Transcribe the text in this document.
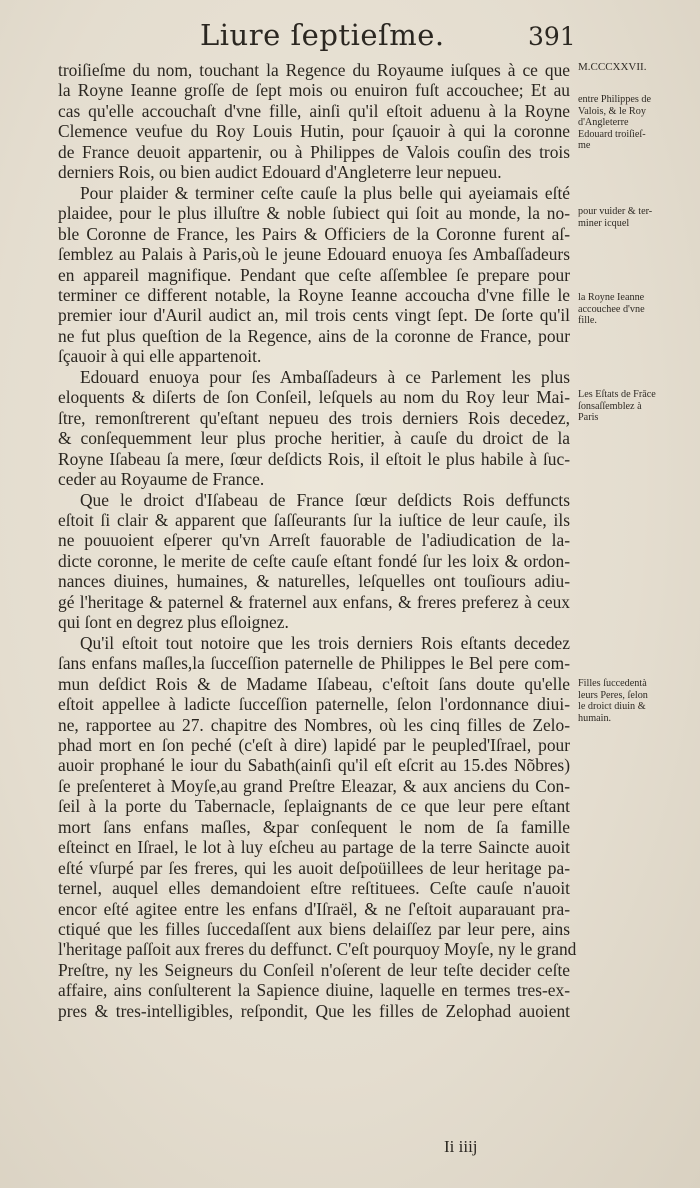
Liure ſeptieſme.	391
troiſieſme du nom, touchant la Regence du Royaume iuſques à ce que
la Royne Ieanne groſſe de ſept mois ou enuiron fuſt accouchee; Et au
cas qu'elle accouchaſt d'vne fille, ainſi qu'il eſtoit aduenu à la Royne
Clemence veufue du Roy Louis Hutin, pour ſçauoir à qui la coronne
de France deuoit appartenir, ou à Philippes de Valois couſin des trois
derniers Rois, ou bien audict Edouard d'Angleterre leur nepueu.
Pour plaider & terminer ceſte cauſe la plus belle qui ayeiamais eſté
plaidee, pour le plus illuſtre & noble ſubiect qui ſoit au monde, la no-
ble Coronne de France, les Pairs & Officiers de la Coronne furent aſ-
ſemblez au Palais à Paris,où le jeune Edouard enuoya ſes Ambaſſadeurs
en appareil magnifique. Pendant que ceſte aſſemblee ſe prepare pour
terminer ce different notable, la Royne Ieanne accoucha d'vne fille le
premier iour d'Auril audict an, mil trois cents vingt ſept. De ſorte qu'il
ne fut plus queſtion de la Regence, ains de la coronne de France, pour
ſçauoir à qui elle appartenoit.
Edouard enuoya pour ſes Ambaſſadeurs à ce Parlement les plus
eloquents & diſerts de ſon Conſeil, leſquels au nom du Roy leur Mai-
ſtre, remonſtrerent qu'eſtant nepueu des trois derniers Rois decedez,
& conſequemment leur plus proche heritier, à cauſe du droict de la
Royne Iſabeau ſa mere, ſœur deſdicts Rois, il eſtoit le plus habile à ſuc-
ceder au Royaume de France.
Que le droict d'Iſabeau de France ſœur deſdicts Rois deffuncts
eſtoit ſi clair & apparent que ſaſſeurants ſur la iuſtice de leur cauſe, ils
ne pouuoient eſperer qu'vn Arreſt fauorable de l'adiudication de la-
dicte coronne, le merite de ceſte cauſe eſtant fondé ſur les loix & ordon-
nances diuines, humaines, & naturelles, leſquelles ont touſiours adiu-
gé l'heritage & paternel & fraternel aux enfans, & freres preferez à ceux
qui ſont en degrez plus eſloignez.
Qu'il eſtoit tout notoire que les trois derniers Rois eſtants decedez
ſans enfans maſles,la ſucceſſion paternelle de Philippes le Bel pere com-
mun deſdict Rois & de Madame Iſabeau, c'eſtoit ſans doute qu'elle
eſtoit appellee à ladicte ſucceſſion paternelle, ſelon l'ordonnance diui-
ne, rapportee au 27. chapitre des Nombres, où les cinq filles de Zelo-
phad mort en ſon peché (c'eſt à dire) lapidé par le peupled'Iſrael, pour
auoir prophané le iour du Sabath(ainſi qu'il eſt eſcrit au 15.des Nõbres)
ſe preſenteret à Moyſe,au grand Preſtre Eleazar, & aux anciens du Con-
ſeil à la porte du Tabernacle, ſeplaignants de ce que leur pere eſtant
mort ſans enfans maſles, &par conſequent le nom de ſa famille
eſteinct en Iſrael, le lot à luy eſcheu au partage de la terre Saincte auoit
eſté vſurpé par ſes freres, qui les auoit deſpoüillees de leur heritage pa-
ternel, auquel elles demandoient eſtre reſtituees. Ceſte cauſe n'auoit
encor eſté agitee entre les enfans d'Iſraël, & ne ſ'eſtoit auparauant pra-
ctiqué que les filles ſuccedaſſent aux biens delaiſſez par leur pere, ains
l'heritage paſſoit aux freres du deffunct. C'eſt pourquoy Moyſe, ny le grand
Preſtre, ny les Seigneurs du Conſeil n'oſerent de leur teſte decider ceſte
affaire, ains conſulterent la Sapience diuine, laquelle en termes tres-ex-
pres & tres-intelligibles, reſpondit, Que les filles de Zelophad auoient
M.CCCXXVII.
entre Philippes de
Valois, & le Roy
d'Angleterre
Edouard troiſieſ-
me
pour vuider & ter-
miner icquel
la Royne Ieanne
accouchee d'vne
fille.
Les Eſtats de Frāce
ſonsaſſemblez à
Paris
Filles ſuccedentà
leurs Peres, ſelon
le droict diuin &
humain.
Ii iiij
